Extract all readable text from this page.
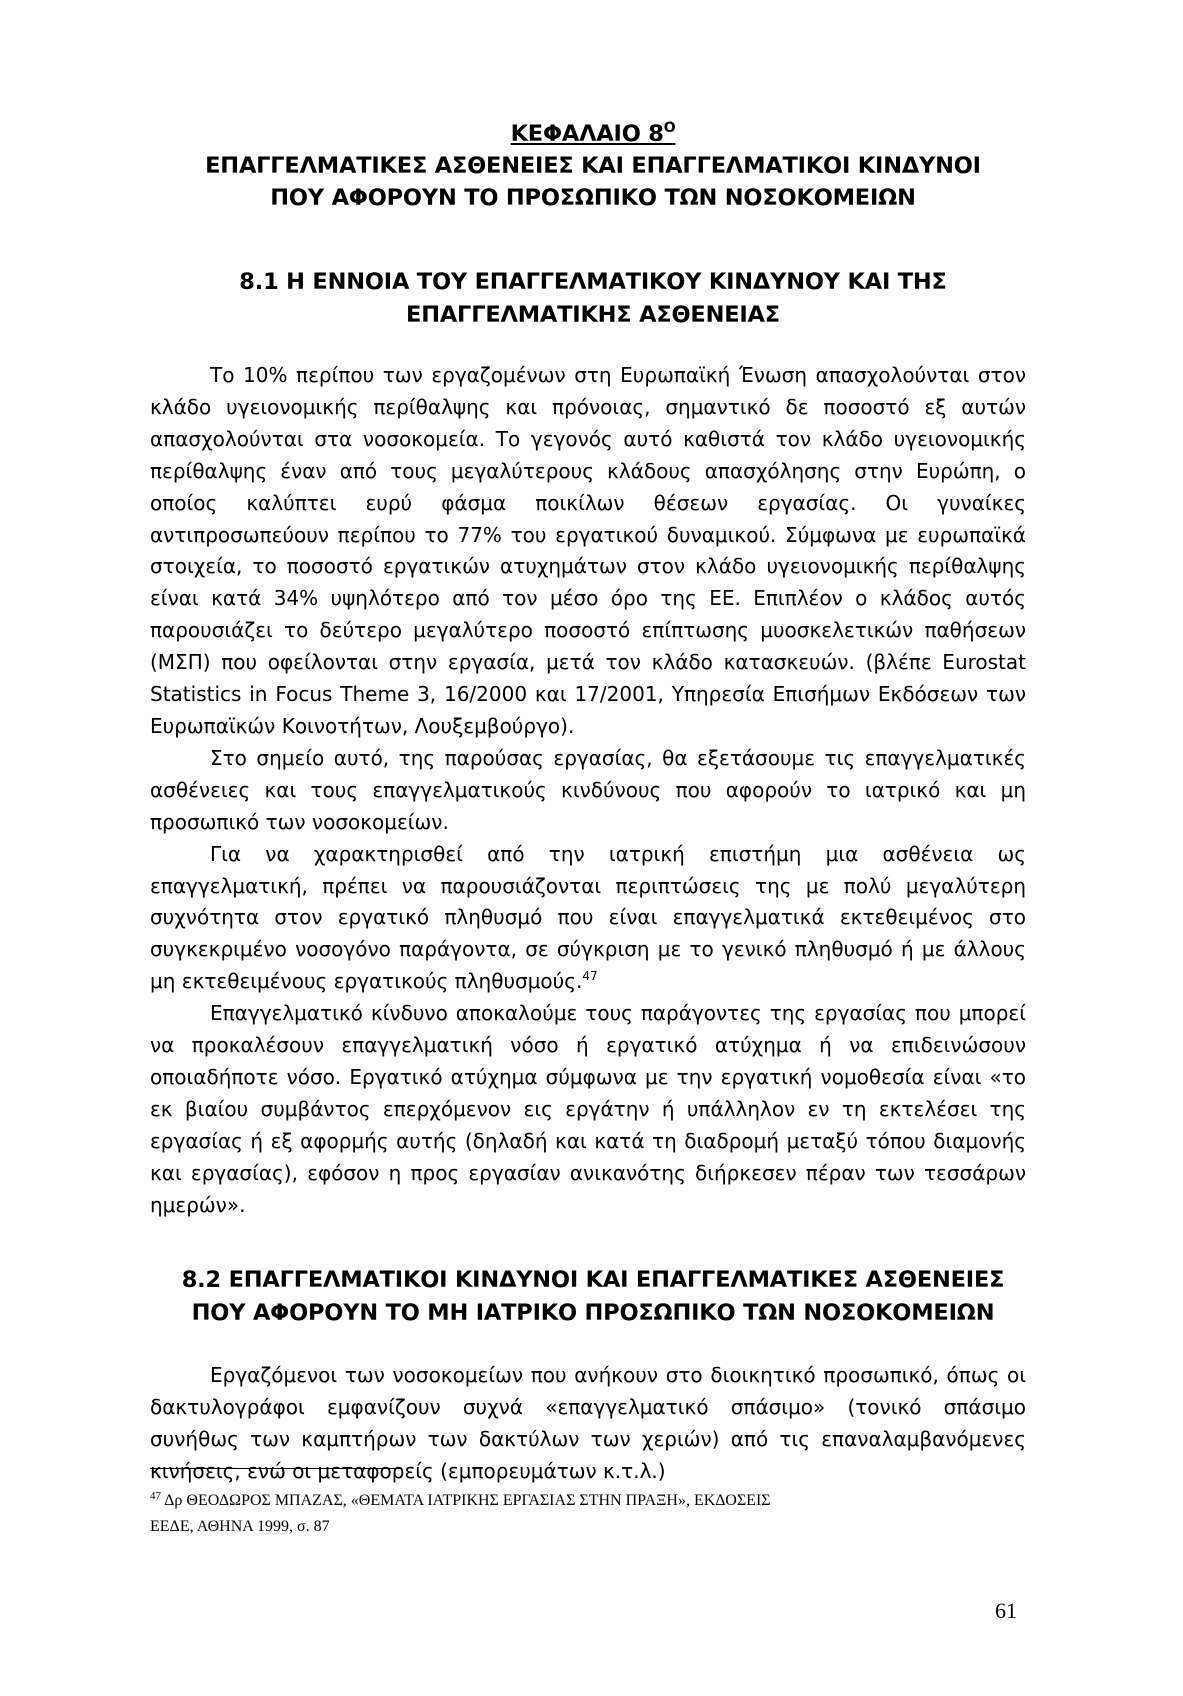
ΚΕΦΑΛΑΙΟ $8^O$
ΕΠΑΓΓΕΛΜΑΤΙΚΕΣ ΑΣΘΕΝΕΙΕΣ ΚΑΙ ΕΠΑΓΓΕΛΜΑΤΙΚΟΙ ΚΙΝΔΥΝΟΙ
ΠΟΥ ΑΦΟΡΟΥΝ ΤΟ ΠΡΟΣΩΠΙΚΟ ΤΩΝ ΝΟΣΟΚΟΜΕΙΩΝ
8.1 Η ΕΝΝΟΙΑ ΤΟΥ ΕΠΑΓΓΕΛΜΑΤΙΚΟΥ ΚΙΝΔΥΝΟΥ ΚΑΙ ΤΗΣ
ΕΠΑΓΓΕΛΜΑΤΙΚΗΣ ΑΣΘΕΝΕΙΑΣ

Το 10% περίπου των εργαζομένων στη Ευρωπαϊκή Ένωση απασχολούνται στον κλάδο υγειονομικής περίθαλψης και πρόνοιας, σημαντικό δε ποσοστό εξ αυτών απασχολούνται στα νοσοκομεία. Το γεγονός αυτό καθιστά τον κλάδο υγειονομικής περίθαλψης έναν από τους μεγαλύτερους κλάδους απασχόλησης στην Ευρώπη, ο οποίος καλύπτει ευρύ φάσμα ποικίλων θέσεων εργασίας. Οι γυναίκες αντιπροσωπεύουν περίπου το 77% του εργατικού δυναμικού. Σύμφωνα με ευρωπαϊκά στοιχεία, το ποσοστό εργατικών ατυχημάτων στον κλάδο υγειονομικής περίθαλψης είναι κατά 34% υψηλότερο από τον μέσο όρο της ΕΕ. Επιπλέον ο κλάδος αυτός παρουσιάζει το δεύτερο μεγαλύτερο ποσοστό επίπτωσης μυοσκελετικών παθήσεων (ΜΣΠ) που οφείλονται στην εργασία, μετά τον κλάδο κατασκευών. (βλέπε Eurostat Statistics in Focus Theme 3, 16/2000 και 17/2001, Υπηρεσία Επισήμων Εκδόσεων των Ευρωπαϊκών Κοινοτήτων, Λουξεμβούργο).

Στο σημείο αυτό, της παρούσας εργασίας, θα εξετάσουμε τις επαγγελματικές ασθένειες και τους επαγγελματικούς κινδύνους που αφορούν το ιατρικό και μη προσωπικό των νοσοκομείων.

Για να χαρακτηρισθεί από την ιατρική επιστήμη μια ασθένεια ως επαγγελματική, πρέπει να παρουσιάζονται περιπτώσεις της με πολύ μεγαλύτερη συχνότητα στον εργατικό πληθυσμό που είναι επαγγελματικά εκτεθειμένος στο συγκεκριμένο νοσογόνο παράγοντα, σε σύγκριση με το γενικό πληθυσμό ή με άλλους μη εκτεθειμένους εργατικούς πληθυσμούς.$^{47}$

Επαγγελματικό κίνδυνο αποκαλούμε τους παράγοντες της εργασίας που μπορεί να προκαλέσουν επαγγελματική νόσο ή εργατικό ατύχημα ή να επιδεινώσουν οποιαδήποτε νόσο. Εργατικό ατύχημα σύμφωνα με την εργατική νομοθεσία είναι «το εκ βιαίου συμβάντος επερχόμενον εις εργάτην ή υπάλληλον εν τη εκτελέσει της εργασίας ή εξ αφορμής αυτής (δηλαδή και κατά τη διαδρομή μεταξύ τόπου διαμονής και εργασίας), εφόσον η προς εργασίαν ανικανότης διήρκεσεν πέραν των τεσσάρων ημερών».

8.2 ΕΠΑΓΓΕΛΜΑΤΙΚΟΙ ΚΙΝΔΥΝΟΙ ΚΑΙ ΕΠΑΓΓΕΛΜΑΤΙΚΕΣ ΑΣΘΕΝΕΙΕΣ
ΠΟΥ ΑΦΟΡΟΥΝ ΤΟ ΜΗ ΙΑΤΡΙΚΟ ΠΡΟΣΩΠΙΚΟ ΤΩΝ ΝΟΣΟΚΟΜΕΙΩΝ

Εργαζόμενοι των νοσοκομείων που ανήκουν στο διοικητικό προσωπικό, όπως οι δακτυλογράφοι εμφανίζουν συχνά «επαγγελματικό σπάσιμο» (τονικό σπάσιμο συνήθως των καμπτήρων των δακτύλων των χεριών) από τις επαναλαμβανόμενες κινήσεις, ενώ οι μεταφορείς (εμπορευμάτων κ.τ.λ.)

$^{47}$ Δρ ΘΕΟΔΩΡΟΣ ΜΠΑΖΑΣ, «ΘΕΜΑΤΑ ΙΑΤΡΙΚΗΣ ΕΡΓΑΣΙΑΣ ΣΤΗΝ ΠΡΑΞΗ», ΕΚΔΟΣΕΙΣ
ΕΕΔΕ, ΑΘΗΝΑ 1999, σ. 87
61
